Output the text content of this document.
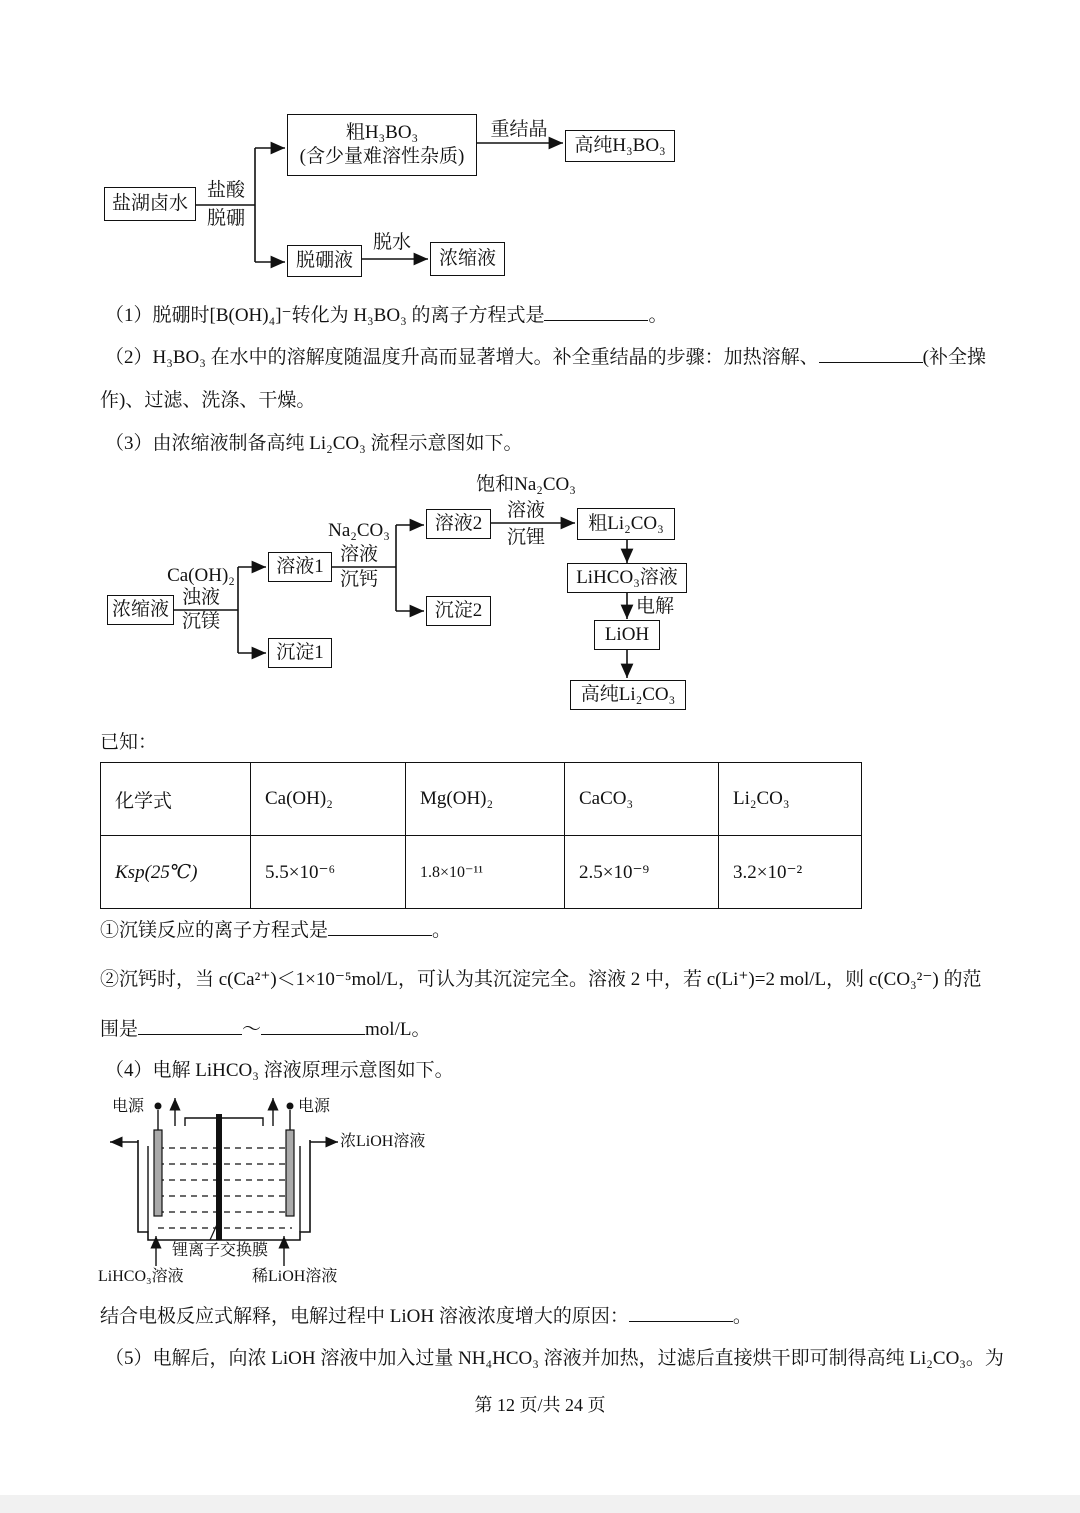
盐湖卤水
盐酸
脱硼
粗H₃BO₃
(含少量难溶性杂质)
重结晶
高纯H₃BO₃
脱硼液
脱水
浓缩液
（1）脱硼时[B(OH)₄]⁻转化为 H₃BO₃ 的离子方程式是	。
（2）H₃BO₃ 在水中的溶解度随温度升高而显著增大。补全重结晶的步骤：加热溶解、	(补全操
作)、过滤、洗涤、干燥。
（3）由浓缩液制备高纯 Li₂CO₃ 流程示意图如下。
浓缩液
Ca(OH)₂
浊液
沉镁
溶液1
沉淀1
Na₂CO₃
溶液
沉钙
溶液2
沉淀2
饱和Na₂CO₃
溶液
沉锂
粗Li₂CO₃
LiHCO₃溶液
电解
LiOH
高纯Li₂CO₃
已知：
化学式	Ca(OH)₂	Mg(OH)₂	CaCO₃	Li₂CO₃
Ksp(25℃)	5.5×10⁻⁶	1.8×10⁻¹¹	2.5×10⁻⁹	3.2×10⁻²
①沉镁反应的离子方程式是	。
②沉钙时，当 c(Ca²⁺)＜1×10⁻⁵mol/L，可认为其沉淀完全。溶液 2 中，若 c(Li⁺)=2 mol/L，则 c(CO₃²⁻) 的范
围是	～	mol/L。
（4）电解 LiHCO₃ 溶液原理示意图如下。
电源	电源
浓LiOH溶液
锂离子交换膜
LiHCO₃溶液	稀LiOH溶液
结合电极反应式解释，电解过程中 LiOH 溶液浓度增大的原因：	。
（5）电解后，向浓 LiOH 溶液中加入过量 NH₄HCO₃ 溶液并加热，过滤后直接烘干即可制得高纯 Li₂CO₃。为
第 12 页/共 24 页
